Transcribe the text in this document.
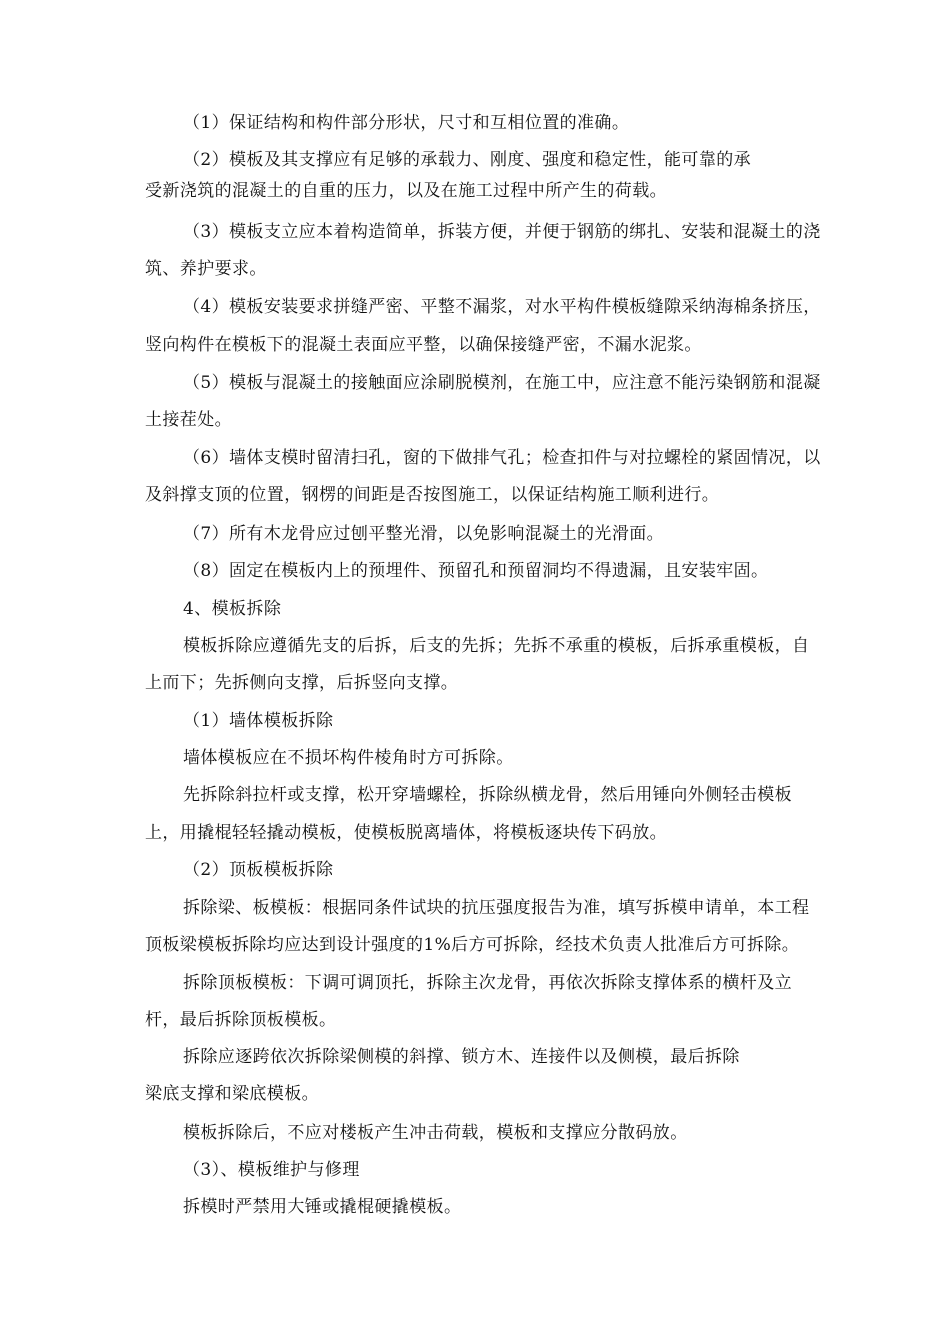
（1）保证结构和构件部分形状，尺寸和互相位置的准确。
（2）模板及其支撑应有足够的承载力、刚度、强度和稳定性，能可靠的承
受新浇筑的混凝土的自重的压力，以及在施工过程中所产生的荷载。
（3）模板支立应本着构造简单，拆装方便，并便于钢筋的绑扎、安装和混凝土的浇
筑、养护要求。
（4）模板安装要求拼缝严密、平整不漏浆，对水平构件模板缝隙采纳海棉条挤压，
竖向构件在模板下的混凝土表面应平整，以确保接缝严密，不漏水泥浆。
（5）模板与混凝土的接触面应涂刷脱模剂，在施工中，应注意不能污染钢筋和混凝
土接茬处。
（6）墙体支模时留清扫孔，窗的下做排气孔；检查扣件与对拉螺栓的紧固情况，以
及斜撑支顶的位置，钢楞的间距是否按图施工，以保证结构施工顺利进行。
（7）所有木龙骨应过刨平整光滑，以免影响混凝土的光滑面。
（8）固定在模板内上的预埋件、预留孔和预留洞均不得遗漏，且安装牢固。
4、模板拆除
模板拆除应遵循先支的后拆，后支的先拆；先拆不承重的模板，后拆承重模板，自
上而下；先拆侧向支撑，后拆竖向支撑。
（1）墙体模板拆除
墙体模板应在不损坏构件棱角时方可拆除。
先拆除斜拉杆或支撑，松开穿墙螺栓，拆除纵横龙骨，然后用锤向外侧轻击模板
上，用撬棍轻轻撬动模板，使模板脱离墙体，将模板逐块传下码放。
（2）顶板模板拆除
拆除梁、板模板：根据同条件试块的抗压强度报告为准，填写拆模申请单，本工程
顶板梁模板拆除均应达到设计强度的1%后方可拆除，经技术负责人批准后方可拆除。
拆除顶板模板：下调可调顶托，拆除主次龙骨，再依次拆除支撑体系的横杆及立
杆，最后拆除顶板模板。
拆除应逐跨依次拆除梁侧模的斜撑、锁方木、连接件以及侧模，最后拆除
梁底支撑和梁底模板。
模板拆除后，不应对楼板产生冲击荷载，模板和支撑应分散码放。
（3）、模板维护与修理
拆模时严禁用大锤或撬棍硬撬模板。
